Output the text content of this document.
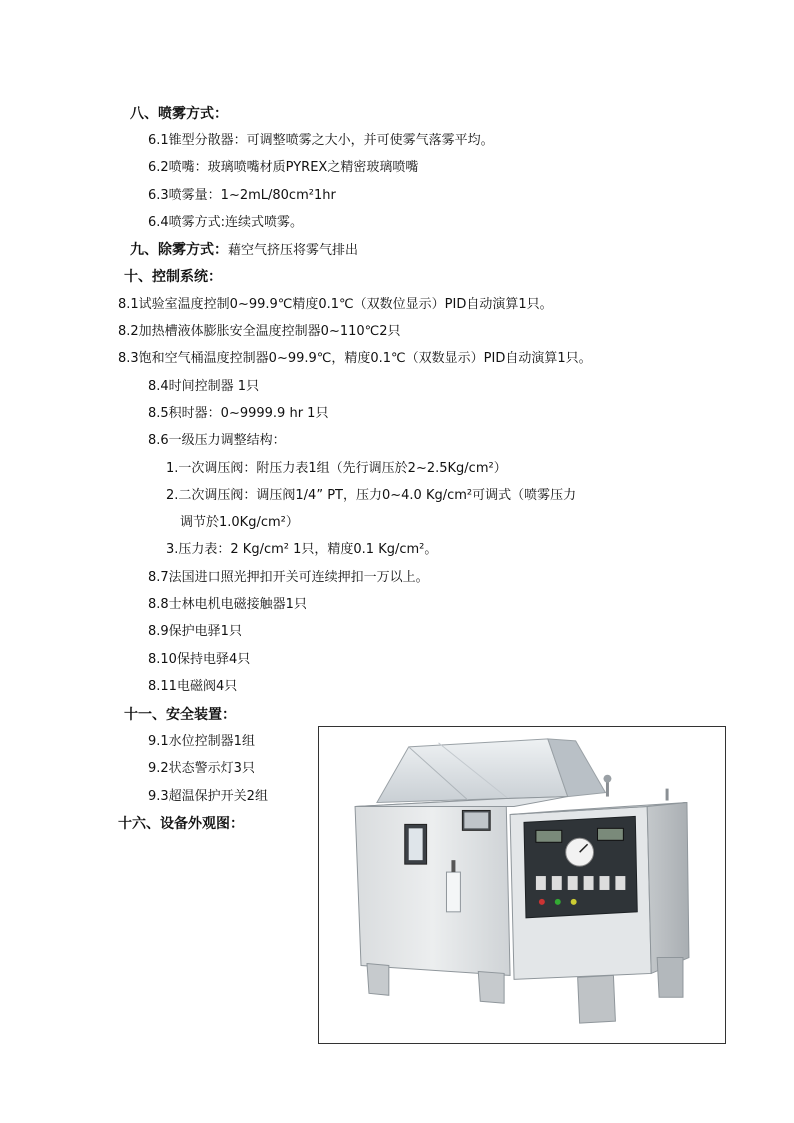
八、喷雾方式：
6.1锥型分散器：可调整喷雾之大小，并可使雾气落雾平均。
6.2喷嘴：玻璃喷嘴材质PYREX之精密玻璃喷嘴
6.3喷雾量：1~2mL/80cm²1hr
6.4喷雾方式:连续式喷雾。
九、除雾方式：藉空气挤压将雾气排出
十、控制系统：
8.1试验室温度控制0~99.9℃精度0.1℃（双数位显示）PID自动演算1只。
8.2加热槽液体膨胀安全温度控制器0~110℃2只
8.3饱和空气桶温度控制器0~99.9℃，精度0.1℃（双数显示）PID自动演算1只。
8.4时间控制器 1只
8.5积时器：0~9999.9 hr 1只
8.6一级压力调整结构：
1.一次调压阀：附压力表1组（先行调压於2~2.5Kg/cm²）
2.二次调压阀：调压阀1/4” PT，压力0~4.0 Kg/cm²可调式（喷雾压力
调节於1.0Kg/cm²）
3.压力表：2 Kg/cm² 1只，精度0.1 Kg/cm²。
8.7法国进口照光押扣开关可连续押扣一万以上。
8.8士林电机电磁接触器1只
8.9保护电驿1只
8.10保持电驿4只
8.11电磁阀4只
十一、安全装置：
9.1水位控制器1组
9.2状态警示灯3只
9.3超温保护开关2组
十六、设备外观图：
